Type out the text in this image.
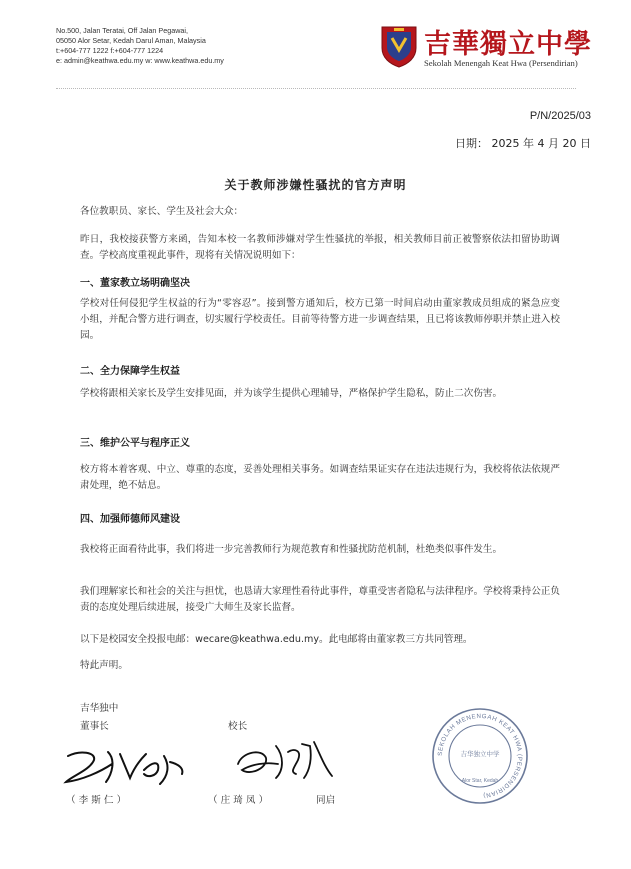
No.500, Jalan Teratai, Off Jalan Pegawai,
05050 Alor Setar, Kedah Darul Aman, Malaysia
t:+604-777 1222 f:+604-777 1224
e: admin@keathwa.edu.my w: www.keathwa.edu.my
吉華獨立中學
Sekolah Menengah Keat Hwa (Persendirian)
P/N/2025/03
日期： 2025 年 4 月 20 日
关于教师涉嫌性骚扰的官方声明
各位教职员、家长、学生及社会大众：
昨日，我校接获警方来函，告知本校一名教师涉嫌对学生性骚扰的举报，相关教师目前正被警察依法扣留协助调查。学校高度重视此事件，现将有关情况说明如下：
一、董家教立场明确坚决
学校对任何侵犯学生权益的行为“零容忍”。接到警方通知后，校方已第一时间启动由董家教成员组成的紧急应变小组，并配合警方进行调查，切实履行学校责任。目前等待警方进一步调查结果，且已将该教师停职并禁止进入校园。
二、全力保障学生权益
学校将跟相关家长及学生安排见面，并为该学生提供心理辅导，严格保护学生隐私，防止二次伤害。
三、维护公平与程序正义
校方将本着客观、中立、尊重的态度，妥善处理相关事务。如调查结果证实存在违法违规行为，我校将依法依规严肃处理，绝不姑息。
四、加强师德师风建设
我校将正面看待此事，我们将进一步完善教师行为规范教育和性骚扰防范机制，杜绝类似事件发生。
我们理解家长和社会的关注与担忧，也恳请大家理性看待此事件，尊重受害者隐私与法律程序。学校将秉持公正负责的态度处理后续进展，接受广大师生及家长监督。
以下是校园安全投报电邮：wecare@keathwa.edu.my。此电邮将由董家教三方共同管理。
特此声明。
吉华独中
董事长	校长
（ 李 斯 仁 ）	（ 庄 琦 凤 ）	同启
SEKOLAH MENENGAH KEAT HWA (PERSENDIRIAN)
吉华独立中学
Alor Star, Kedah
